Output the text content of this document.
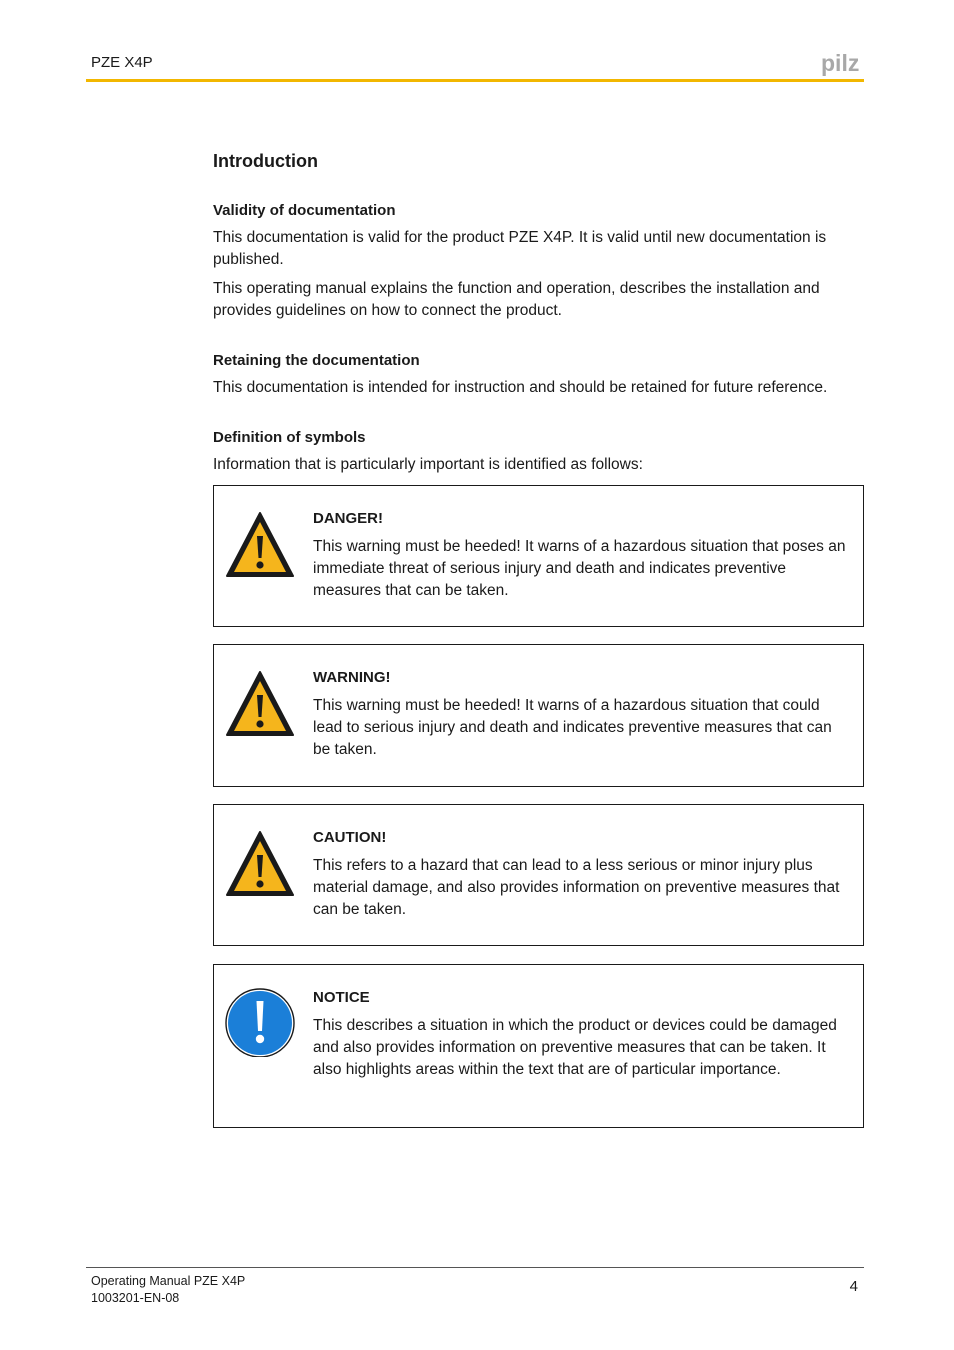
PZE X4P	pilz
Introduction
Validity of documentation

This documentation is valid for the product PZE X4P. It is valid until new documentation is published.

This operating manual explains the function and operation, describes the installation and provides guidelines on how to connect the product.

Retaining the documentation

This documentation is intended for instruction and should be retained for future reference.

Definition of symbols

Information that is particularly important is identified as follows:

DANGER!

This warning must be heeded! It warns of a hazardous situation that poses an immediate threat of serious injury and death and indicates preventive measures that can be taken.

WARNING!

This warning must be heeded! It warns of a hazardous situation that could lead to serious injury and death and indicates preventive measures that can be taken.

CAUTION!

This refers to a hazard that can lead to a less serious or minor injury plus material damage, and also provides information on preventive measures that can be taken.

NOTICE

This describes a situation in which the product or devices could be damaged and also provides information on preventive measures that can be taken. It also highlights areas within the text that are of particular importance.

Operating Manual PZE X4P
1003201-EN-08
4
